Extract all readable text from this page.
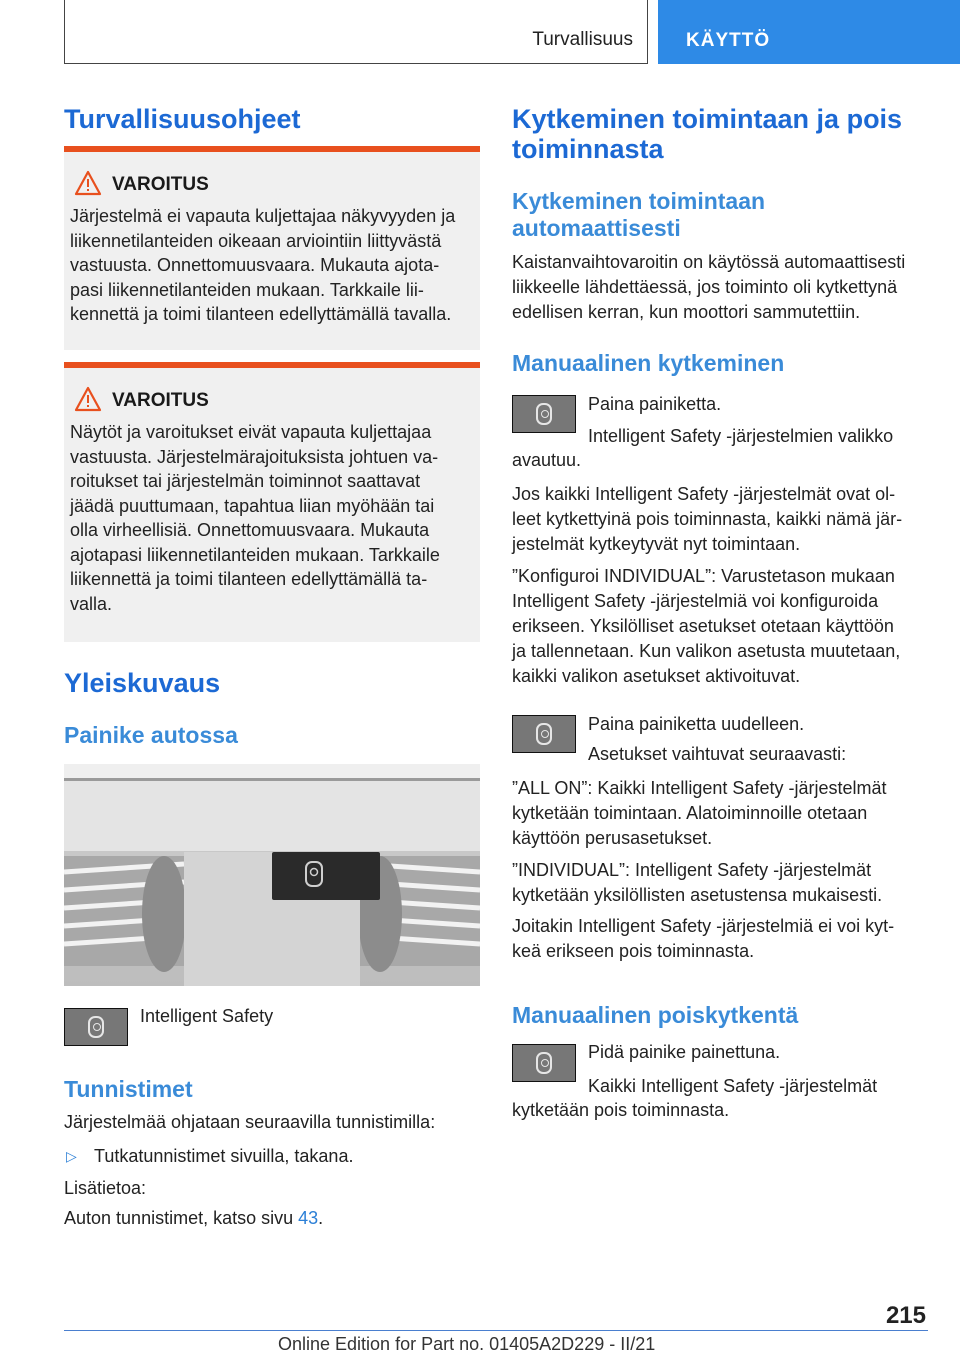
Turvallisuus	KÄYTTÖ
Turvallisuusohjeet
VAROITUS
Järjestelmä ei vapauta kuljettajaa näkyvyyden ja
liikennetilanteiden oikeaan arviointiin liittyvästä
vastuusta. Onnettomuusvaara. Mukauta ajota-
pasi liikennetilanteiden mukaan. Tarkkaile lii-
kennettä ja toimi tilanteen edellyttämällä tavalla.
VAROITUS
Näytöt ja varoitukset eivät vapauta kuljettajaa
vastuusta. Järjestelmärajoituksista johtuen va-
roitukset tai järjestelmän toiminnot saattavat
jäädä puuttumaan, tapahtua liian myöhään tai
olla virheellisiä. Onnettomuusvaara. Mukauta
ajotapasi liikennetilanteiden mukaan. Tarkkaile
liikennettä ja toimi tilanteen edellyttämällä ta-
valla.
Yleiskuvaus
Painike autossa
Intelligent Safety
Tunnistimet
Järjestelmää ohjataan seuraavilla tunnistimilla:
▷ Tutkatunnistimet sivuilla, takana.
Lisätietoa:
Auton tunnistimet, katso sivu 43.
Kytkeminen toimintaan ja pois
toiminnasta
Kytkeminen toimintaan
automaattisesti
Kaistanvaihtovaroitin on käytössä automaattisesti
liikkeelle lähdettäessä, jos toiminto oli kytkettynä
edellisen kerran, kun moottori sammutettiin.
Manuaalinen kytkeminen
Paina painiketta.
Intelligent Safety -järjestelmien valikko
avautuu.
Jos kaikki Intelligent Safety -järjestelmät ovat ol-
leet kytkettyinä pois toiminnasta, kaikki nämä jär-
jestelmät kytkeytyvät nyt toimintaan.
”Konfiguroi INDIVIDUAL”: Varustetason mukaan
Intelligent Safety -järjestelmiä voi konfiguroida
erikseen. Yksilölliset asetukset otetaan käyttöön
ja tallennetaan. Kun valikon asetusta muutetaan,
kaikki valikon asetukset aktivoituvat.
Paina painiketta uudelleen.
Asetukset vaihtuvat seuraavasti:
”ALL ON”: Kaikki Intelligent Safety -järjestelmät
kytketään toimintaan. Alatoiminnoille otetaan
käyttöön perusasetukset.
”INDIVIDUAL”: Intelligent Safety -järjestelmät
kytketään yksilöllisten asetustensa mukaisesti.
Joitakin Intelligent Safety -järjestelmiä ei voi kyt-
keä erikseen pois toiminnasta.
Manuaalinen poiskytkentä
Pidä painike painettuna.
Kaikki Intelligent Safety -järjestelmät
kytketään pois toiminnasta.
215
Online Edition for Part no. 01405A2D229 - II/21
